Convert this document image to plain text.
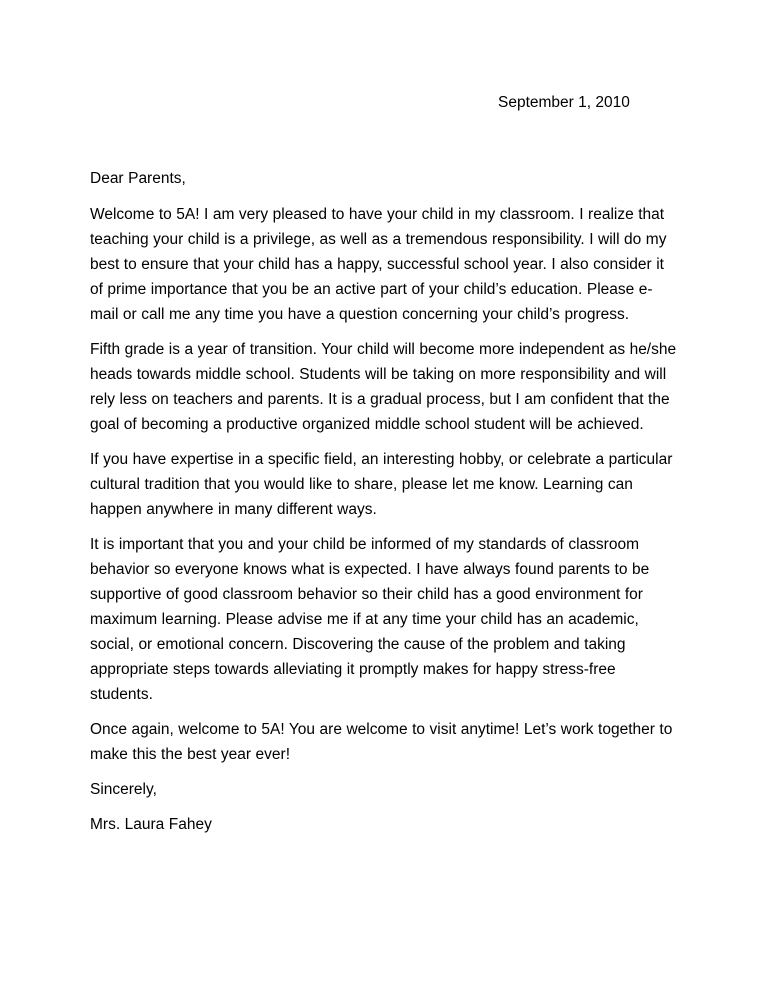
September 1, 2010

Dear Parents,

Welcome to 5A! I am very pleased to have your child in my classroom. I realize that teaching your child is a privilege, as well as a tremendous responsibility. I will do my best to ensure that your child has a happy, successful school year. I also consider it of prime importance that you be an active part of your child’s education. Please e-mail or call me any time you have a question concerning your child’s progress.

Fifth grade is a year of transition. Your child will become more independent as he/she heads towards middle school. Students will be taking on more responsibility and will rely less on teachers and parents. It is a gradual process, but I am confident that the goal of becoming a productive organized middle school student will be achieved.

If you have expertise in a specific field, an interesting hobby, or celebrate a particular cultural tradition that you would like to share, please let me know. Learning can happen anywhere in many different ways.

It is important that you and your child be informed of my standards of classroom behavior so everyone knows what is expected. I have always found parents to be supportive of good classroom behavior so their child has a good environment for maximum learning. Please advise me if at any time your child has an academic, social, or emotional concern. Discovering the cause of the problem and taking appropriate steps towards alleviating it promptly makes for happy stress-free students.

Once again, welcome to 5A! You are welcome to visit anytime! Let’s work together to make this the best year ever!

Sincerely,

Mrs. Laura Fahey
